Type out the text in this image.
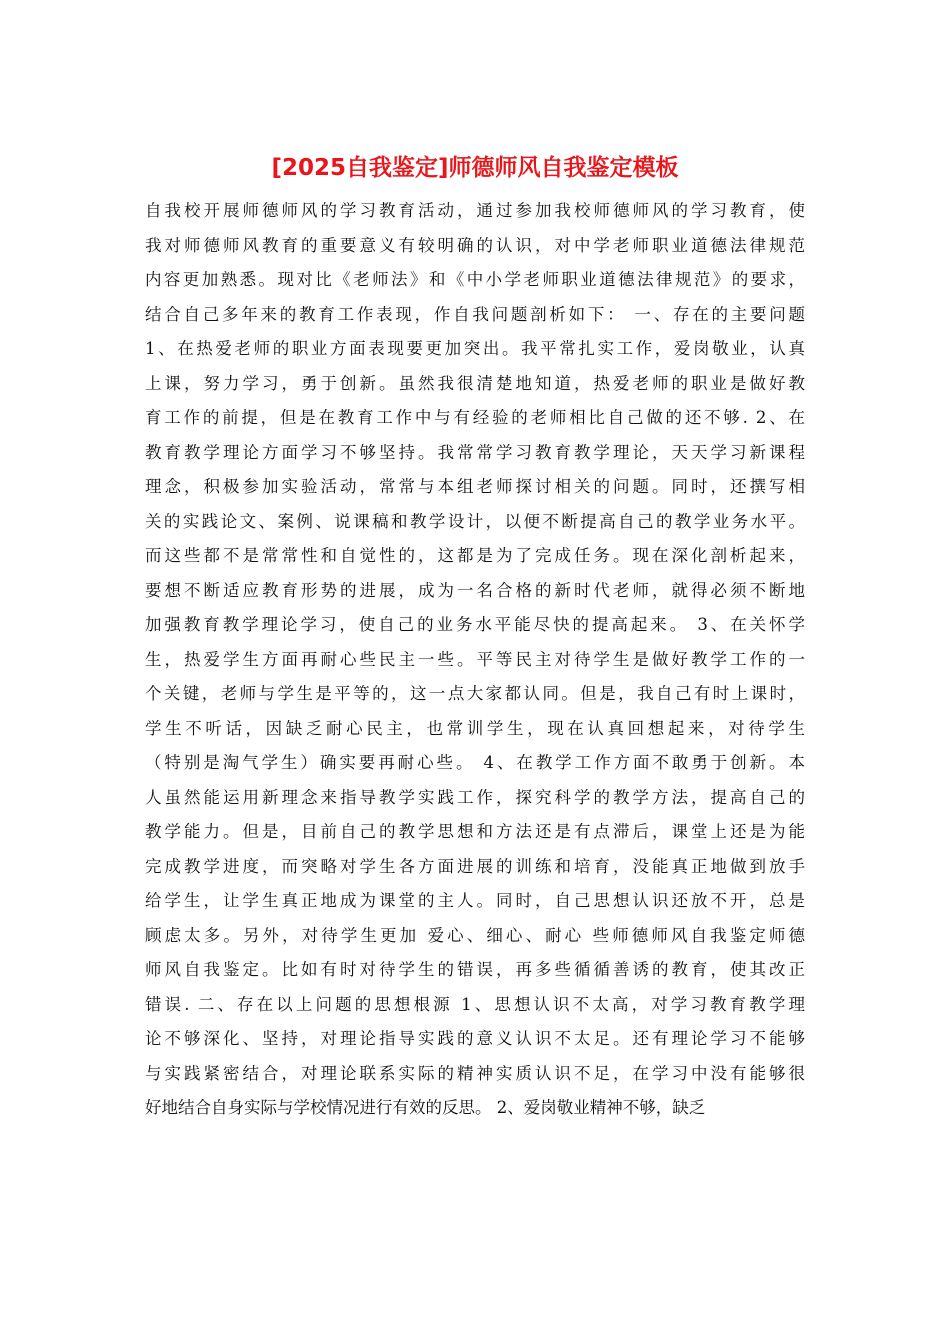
[2025自我鉴定]师德师风自我鉴定模板
自我校开展师德师风的学习教育活动，通过参加我校师德师风的学习教育，使
我对师德师风教育的重要意义有较明确的认识，对中学老师职业道德法律规范
内容更加熟悉。现对比《老师法》和《中小学老师职业道德法律规范》的要求，
结合自己多年来的教育工作表现，作自我问题剖析如下： 一、存在的主要问题
1、在热爱老师的职业方面表现要更加突出。我平常扎实工作，爱岗敬业，认真
上课，努力学习，勇于创新。虽然我很清楚地知道，热爱老师的职业是做好教
育工作的前提，但是在教育工作中与有经验的老师相比自己做的还不够. 2、在
教育教学理论方面学习不够坚持。我常常学习教育教学理论，天天学习新课程
理念，积极参加实验活动，常常与本组老师探讨相关的问题。同时，还撰写相
关的实践论文、案例、说课稿和教学设计，以便不断提高自己的教学业务水平。
而这些都不是常常性和自觉性的，这都是为了完成任务。现在深化剖析起来，
要想不断适应教育形势的进展，成为一名合格的新时代老师，就得必须不断地
加强教育教学理论学习，使自己的业务水平能尽快的提高起来。 3、在关怀学
生，热爱学生方面再耐心些民主一些。平等民主对待学生是做好教学工作的一
个关键，老师与学生是平等的，这一点大家都认同。但是，我自己有时上课时，
学生不听话，因缺乏耐心民主，也常训学生，现在认真回想起来，对待学生
（特别是淘气学生）确实要再耐心些。 4、在教学工作方面不敢勇于创新。本
人虽然能运用新理念来指导教学实践工作，探究科学的教学方法，提高自己的
教学能力。但是，目前自己的教学思想和方法还是有点滞后，课堂上还是为能
完成教学进度，而突略对学生各方面进展的训练和培育，没能真正地做到放手
给学生，让学生真正地成为课堂的主人。同时，自己思想认识还放不开，总是
顾虑太多。另外，对待学生更加 爱心、细心、耐心 些师德师风自我鉴定师德
师风自我鉴定。比如有时对待学生的错误，再多些循循善诱的教育，使其改正
错误. 二、存在以上问题的思想根源 1、思想认识不太高，对学习教育教学理
论不够深化、坚持，对理论指导实践的意义认识不太足。还有理论学习不能够
与实践紧密结合，对理论联系实际的精神实质认识不足，在学习中没有能够很
好地结合自身实际与学校情况进行有效的反思。 2、爱岗敬业精神不够，缺乏
